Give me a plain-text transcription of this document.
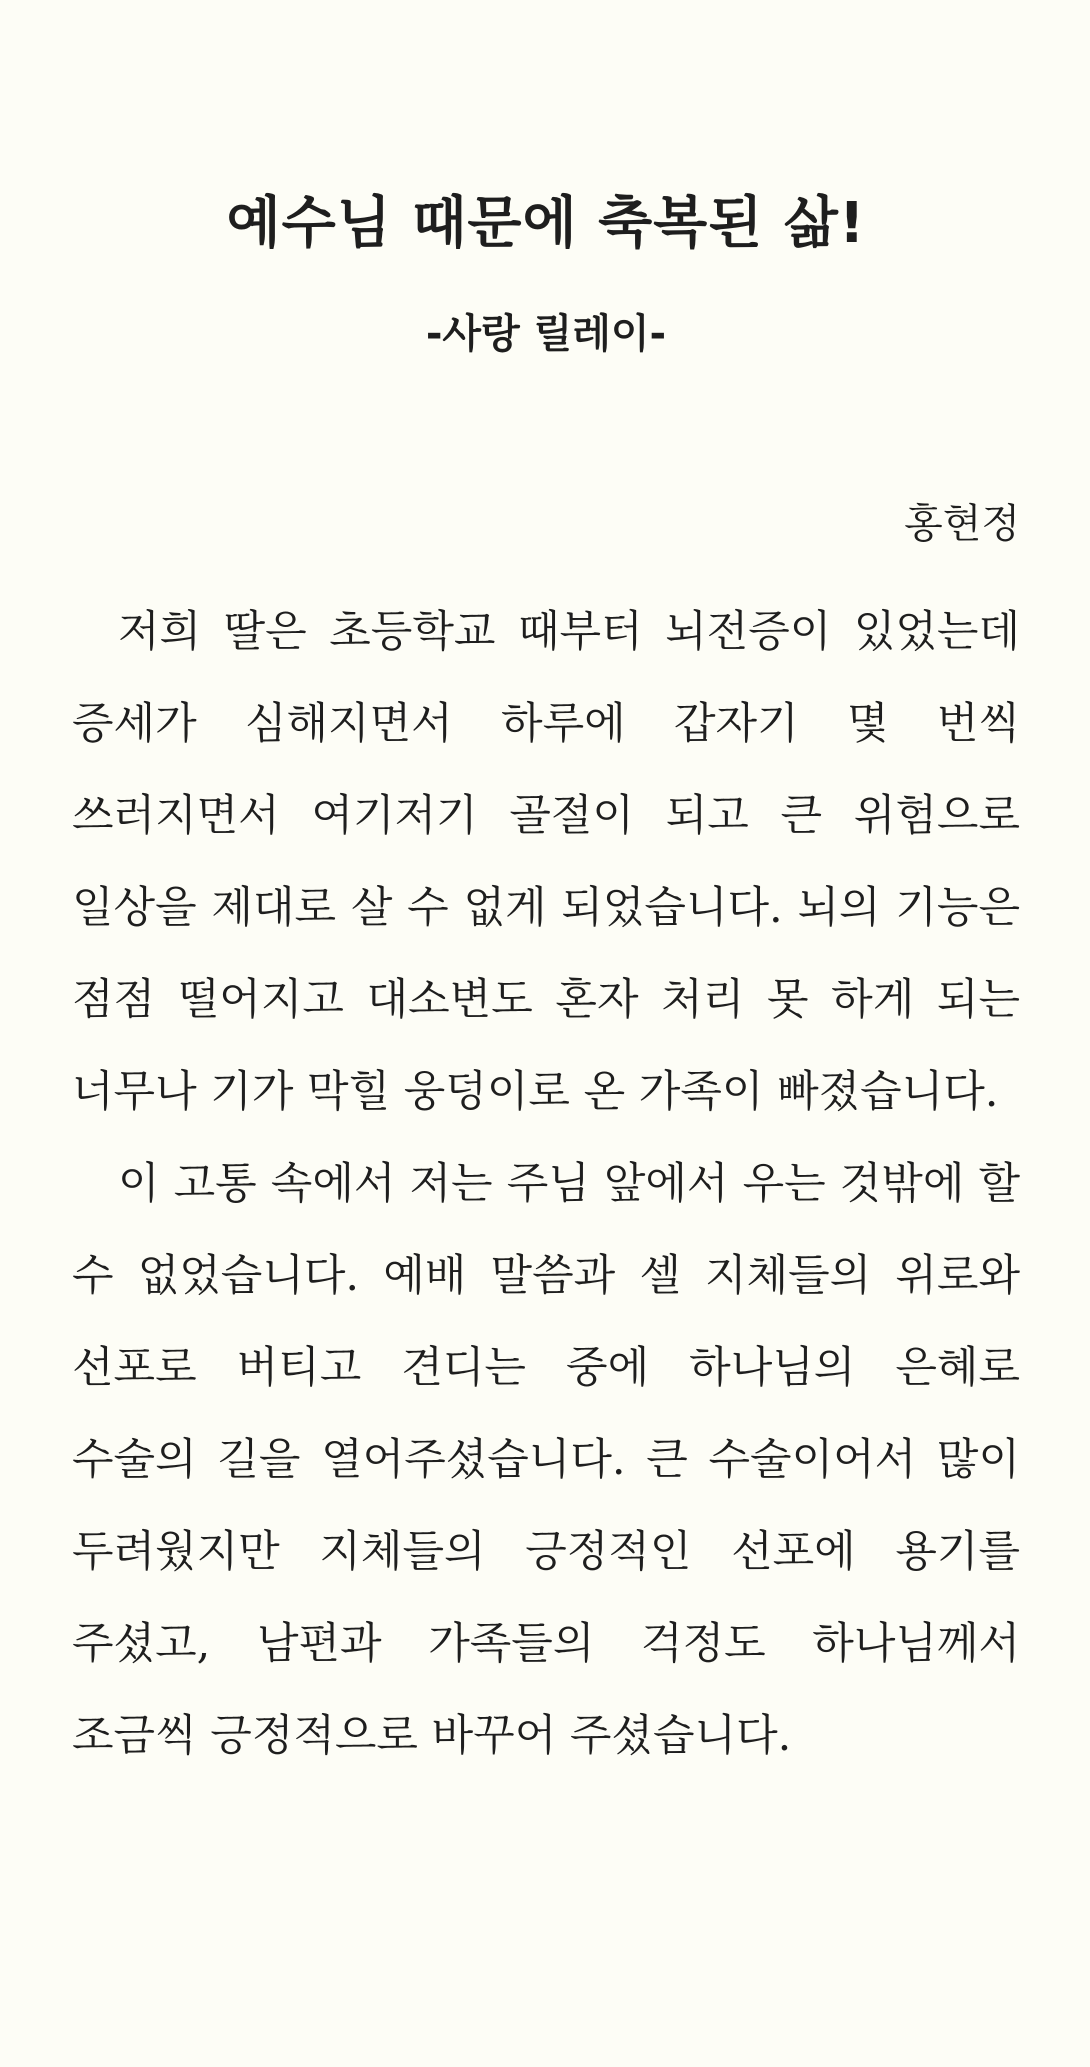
예수님 때문에 축복된 삶!
-사랑 릴레이-
홍현정

저희 딸은 초등학교 때부터 뇌전증이 있었는데 증세가 심해지면서 하루에 갑자기 몇 번씩 쓰러지면서 여기저기 골절이 되고 큰 위험으로 일상을 제대로 살 수 없게 되었습니다. 뇌의 기능은 점점 떨어지고 대소변도 혼자 처리 못 하게 되는 너무나 기가 막힐 웅덩이로 온 가족이 빠졌습니다.

이 고통 속에서 저는 주님 앞에서 우는 것밖에 할 수 없었습니다. 예배 말씀과 셀 지체들의 위로와 선포로 버티고 견디는 중에 하나님의 은혜로 수술의 길을 열어주셨습니다. 큰 수술이어서 많이 두려웠지만 지체들의 긍정적인 선포에 용기를 주셨고, 남편과 가족들의 걱정도 하나님께서 조금씩 긍정적으로 바꾸어 주셨습니다.
